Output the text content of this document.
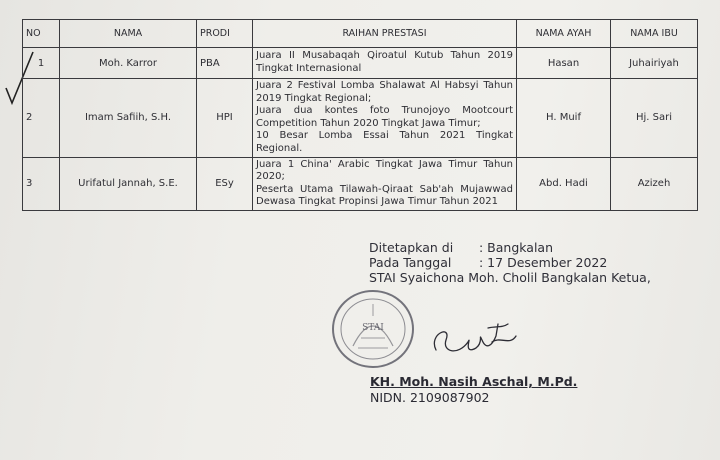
NO	NAMA	PRODI	RAIHAN PRESTASI	NAMA AYAH	NAMA IBU
1	Moh. Karror	PBA	Juara II Musabaqah Qiroatul Kutub Tahun 2019 Tingkat Internasional	Hasan	Juhairiyah
2	Imam Safiih, S.H.	HPI	Juara 2 Festival Lomba Shalawat Al Habsyi Tahun 2019 Tingkat Regional;
Juara dua kontes foto Trunojoyo Mootcourt Competition Tahun 2020 Tingkat Jawa Timur;
10 Besar Lomba Essai Tahun 2021 Tingkat Regional.	H. Muif	Hj. Sari
3	Urifatul Jannah, S.E.	ESy	Juara 1 China' Arabic Tingkat Jawa Timur Tahun 2020;
Peserta Utama Tilawah-Qiraat Sab'ah Mujawwad Dewasa Tingkat Propinsi Jawa Timur Tahun 2021	Abd. Hadi	Azizeh
Ditetapkan di : Bangkalan
Pada Tanggal : 17 Desember 2022
STAI Syaichona Moh. Cholil Bangkalan Ketua,
STAI
KH. Moh. Nasih Aschal, M.Pd.
NIDN. 2109087902
